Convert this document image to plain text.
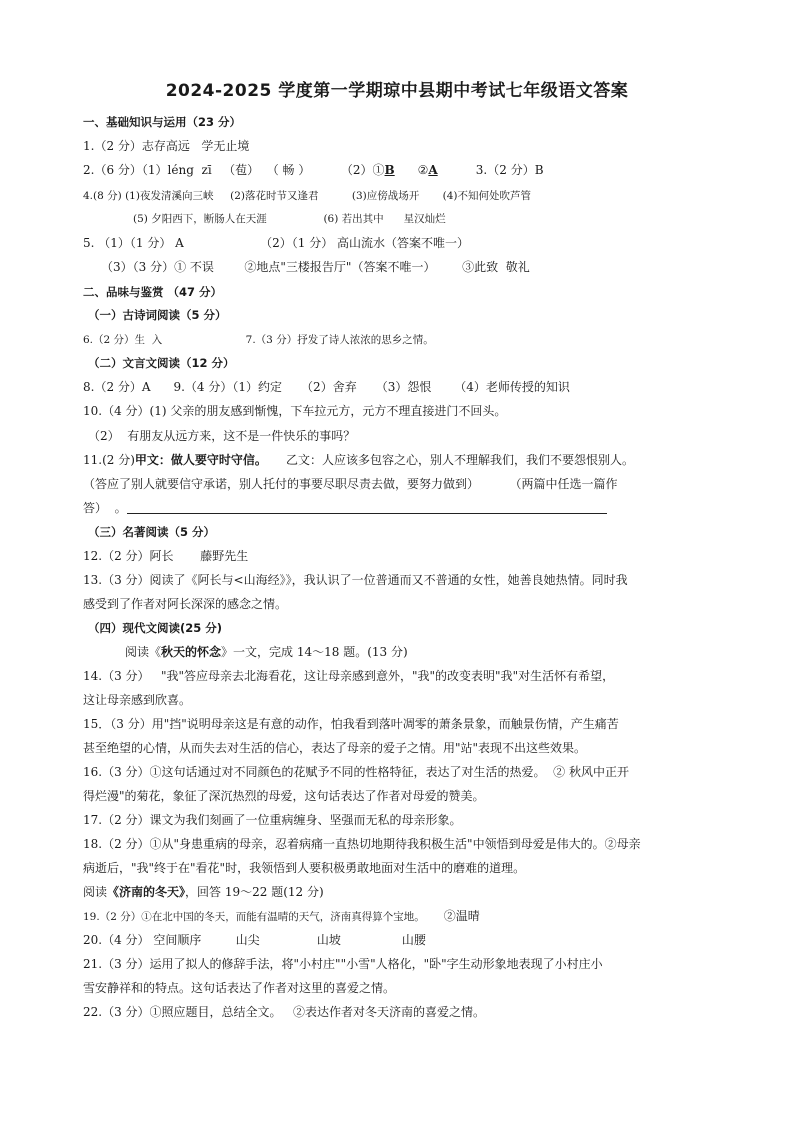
2024-2025 学度第一学期琼中县期中考试七年级语文答案
一、基础知识与运用（23 分）
1.（2 分）志存高远   学无止境
2.（6 分）（1）léng  zī   （苞）  （ 畅 ）        （2）①B      ②A          3.（2 分）B
4.(8 分) (1)夜发清溪向三峡     (2)落花时节又逢君          (3)应傍战场开       (4)不知何处吹芦管
(5) 夕阳西下，断肠人在天涯                 (6) 若出其中      星汉灿烂
5. （1）（1 分） A                    （2）（1 分） 高山流水（答案不唯一）
（3）（3 分）① 不误        ②地点"三楼报告厅"（答案不唯一）       ③此致  敬礼
二、品味与鉴赏 （47 分）
（一）古诗词阅读（5 分）
6.（2 分）生  入                         7.（3 分）抒发了诗人浓浓的思乡之情。
（二）文言文阅读（12 分）
8.（2 分）A      9.（4 分）（1）约定     （2）舍弃     （3）怨恨      （4）老师传授的知识
10.（4 分）(1) 父亲的朋友感到惭愧，下车拉元方，元方不理直接进门不回头。
（2）  有朋友从远方来，这不是一件快乐的事吗？
11.(2 分)甲文：做人要守时守信。     乙文：人应该多包容之心，别人不理解我们，我们不要怨恨别人。
（答应了别人就要信守承诺，别人托付的事要尽职尽责去做，要努力做到）        （两篇中任选一篇作
答）  。
（三）名著阅读（5 分）
12.（2 分）阿长       藤野先生
13.（3 分）阅读了《阿长与<山海经》》，我认识了一位普通而又不普通的女性，她善良她热情。同时我
感受到了作者对阿长深深的感念之情。
（四）现代文阅读(25 分)
阅读《秋天的怀念》一文，完成 14～18 题。(13 分)
14.（3 分）   "我"答应母亲去北海看花，这让母亲感到意外，"我"的改变表明"我"对生活怀有希望，
这让母亲感到欣喜。
15．（3 分）用"挡"说明母亲这是有意的动作，怕我看到落叶凋零的萧条景象，而触景伤情，产生痛苦
甚至绝望的心情，从而失去对生活的信心，表达了母亲的爱子之情。用"站"表现不出这些效果。
16.（3 分）①这句话通过对不同颜色的花赋予不同的性格特征，表达了对生活的热爱。  ② 秋风中正开
得烂漫"的菊花，象征了深沉热烈的母爱，这句话表达了作者对母爱的赞美。
17.（2 分）课文为我们刻画了一位重病缠身、坚强而无私的母亲形象。
18.（2 分）①从"身患重病的母亲，忍着病痛一直热切地期待我积极生活"中领悟到母爱是伟大的。②母亲
病逝后，"我"终于在"看花"时，我领悟到人要积极勇敢地面对生活中的磨难的道理。
阅读《济南的冬天》，回答 19～22 题(12 分)
19.（2 分）①在北中国的冬天，而能有温晴的天气，济南真得算个宝地。     ②温晴
20.（4 分） 空间顺序         山尖               山坡                山腰
21.（3 分）运用了拟人的修辞手法，将"小村庄""小雪"人格化，"卧"字生动形象地表现了小村庄小
雪安静祥和的特点。这句话表达了作者对这里的喜爱之情。
22.（3 分）①照应题目，总结全文。   ②表达作者对冬天济南的喜爱之情。
